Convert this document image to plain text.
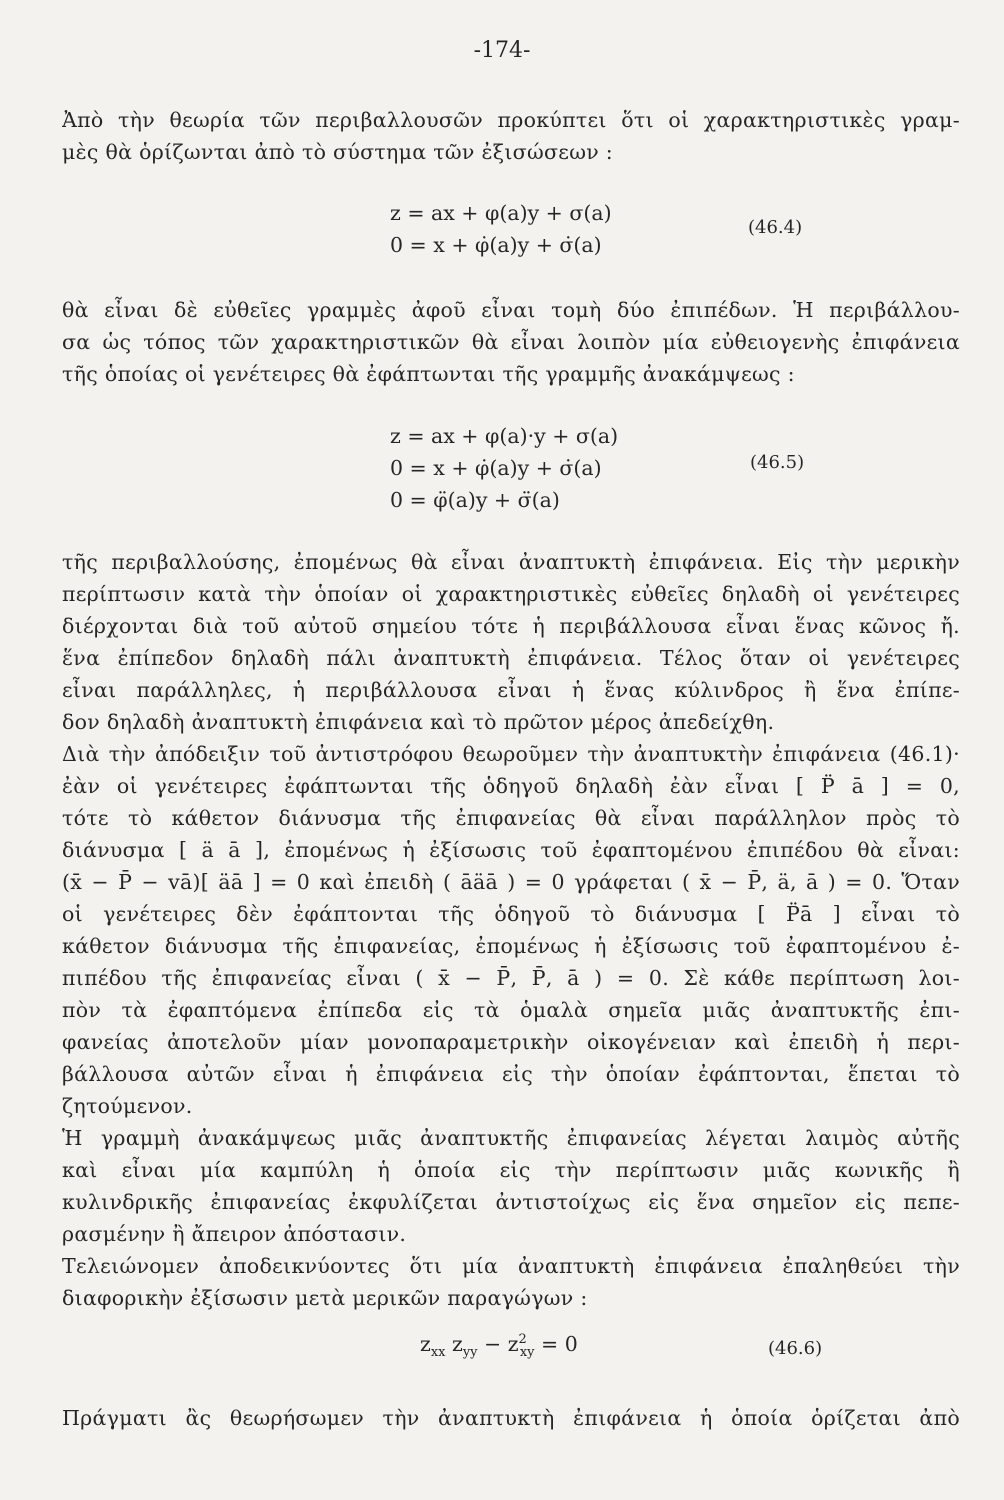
-174-
Ἀπὸ τὴν θεωρία τῶν περιβαλλουσῶν προκύπτει ὅτι οἱ χαρακτηριστικὲς γραμ-
μὲς θὰ ὁρίζωνται ἀπὸ τὸ σύστημα τῶν ἐξισώσεων :
z = ax + φ(a)y + σ(a)
0 = x + φ̇(a)y + σ̇(a)
(46.4)
θὰ εἶναι δὲ εὐθεῖες γραμμὲς ἀφοῦ εἶναι τομὴ δύο ἐπιπέδων. Ἡ περιβάλλου-
σα ὡς τόπος τῶν χαρακτηριστικῶν θὰ εἶναι λοιπὸν μία εὐθειογενὴς ἐπιφάνεια
τῆς ὁποίας οἱ γενέτειρες θὰ ἐφάπτωνται τῆς γραμμῆς ἀνακάμψεως :
z = ax + φ(a)·y + σ(a)
0 = x + φ̇(a)y + σ̇(a)
0 = φ̈(a)y + σ̈(a)
(46.5)
τῆς περιβαλλούσης, ἐπομένως θὰ εἶναι ἀναπτυκτὴ ἐπιφάνεια. Εἰς τὴν μερικὴν
περίπτωσιν κατὰ τὴν ὁποίαν οἱ χαρακτηριστικὲς εὐθεῖες δηλαδὴ οἱ γενέτειρες
διέρχονται διὰ τοῦ αὐτοῦ σημείου τότε ἡ περιβάλλουσα εἶναι ἕνας κῶνος ἤ.
ἕνα ἐπίπεδον δηλαδὴ πάλι ἀναπτυκτὴ ἐπιφάνεια. Τέλος ὅταν οἱ γενέτειρες
εἶναι παράλληλες, ἡ περιβάλλουσα εἶναι ἡ ἕνας κύλινδρος ἢ ἕνα ἐπίπε-
δον δηλαδὴ ἀναπτυκτὴ ἐπιφάνεια καὶ τὸ πρῶτον μέρος ἀπεδείχθη.
Διὰ τὴν ἀπόδειξιν τοῦ ἀντιστρόφου θεωροῦμεν τὴν ἀναπτυκτὴν ἐπιφάνεια (46.1)·
ἐὰν οἱ γενέτειρες ἐφάπτωνται τῆς ὁδηγοῦ δηλαδὴ ἐὰν εἶναι [ P̈ ā ] = 0,
τότε τὸ κάθετον διάνυσμα τῆς ἐπιφανείας θὰ εἶναι παράλληλον πρὸς τὸ
διάνυσμα [ ä ā ], ἐπομένως ἡ ἐξίσωσις τοῦ ἐφαπτομένου ἐπιπέδου θὰ εἶναι:
(x̄ − P̄ − vā)[ äā ] = 0 καὶ ἐπειδὴ ( āäā ) = 0 γράφεται ( x̄ − P̄, ä, ā ) = 0. Ὅταν
οἱ γενέτειρες δὲν ἐφάπτονται τῆς ὁδηγοῦ τὸ διάνυσμα [ P̈ā ] εἶναι τὸ
κάθετον διάνυσμα τῆς ἐπιφανείας, ἐπομένως ἡ ἐξίσωσις τοῦ ἐφαπτομένου ἐ-
πιπέδου τῆς ἐπιφανείας εἶναι ( x̄ − P̄, P̄, ā ) = 0. Σὲ κάθε περίπτωση λοι-
πὸν τὰ ἐφαπτόμενα ἐπίπεδα εἰς τὰ ὁμαλὰ σημεῖα μιᾶς ἀναπτυκτῆς ἐπι-
φανείας ἀποτελοῦν μίαν μονοπαραμετρικὴν οἰκογένειαν καὶ ἐπειδὴ ἡ περι-
βάλλουσα αὐτῶν εἶναι ἡ ἐπιφάνεια εἰς τὴν ὁποίαν ἐφάπτονται, ἕπεται τὸ
ζητούμενον.
Ἡ γραμμὴ ἀνακάμψεως μιᾶς ἀναπτυκτῆς ἐπιφανείας λέγεται λαιμὸς αὐτῆς
καὶ εἶναι μία καμπύλη ἡ ὁποία εἰς τὴν περίπτωσιν μιᾶς κωνικῆς ἢ
κυλινδρικῆς ἐπιφανείας ἐκφυλίζεται ἀντιστοίχως εἰς ἕνα σημεῖον εἰς πεπε-
ρασμένην ἢ ἄπειρον ἀπόστασιν.
Τελειώνομεν ἀποδεικνύοντες ὅτι μία ἀναπτυκτὴ ἐπιφάνεια ἐπαληθεύει τὴν
διαφορικὴν ἐξίσωσιν μετὰ μερικῶν παραγώγων :
$z_{xx}$ $z_{yy} - z^2_{xy} = 0$	(46.6)
Πράγματι ἂς θεωρήσωμεν τὴν ἀναπτυκτὴ ἐπιφάνεια ἡ ὁποία ὁρίζεται ἀπὸ
